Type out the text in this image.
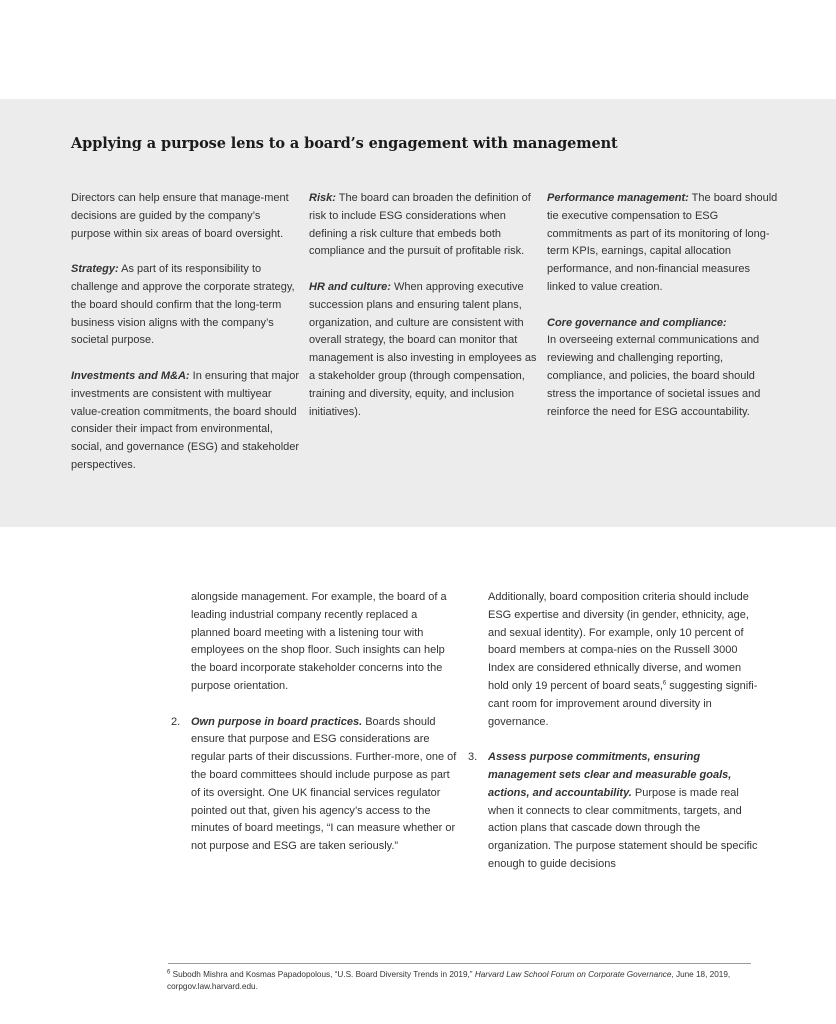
Applying a purpose lens to a board’s engagement with management

Directors can help ensure that manage-ment decisions are guided by the company’s purpose within six areas of board oversight.

Strategy: As part of its responsibility to challenge and approve the corporate strategy, the board should confirm that the long-term business vision aligns with the company’s societal purpose.

Investments and M&A: In ensuring that major investments are consistent with multiyear value-creation commitments, the board should consider their impact from environmental, social, and governance (ESG) and stakeholder perspectives.

Risk: The board can broaden the definition of risk to include ESG considerations when defining a risk culture that embeds both compliance and the pursuit of profitable risk.

HR and culture: When approving executive succession plans and ensuring talent plans, organization, and culture are consistent with overall strategy, the board can monitor that management is also investing in employees as a stakeholder group (through compensation, training and diversity, equity, and inclusion initiatives).

Performance management: The board should tie executive compensation to ESG commitments as part of its monitoring of long-term KPIs, earnings, capital allocation performance, and non-financial measures linked to value creation.

Core governance and compliance:
In overseeing external communications and reviewing and challenging reporting, compliance, and policies, the board should stress the importance of societal issues and reinforce the need for ESG accountability.

alongside management. For example, the board of a leading industrial company recently replaced a planned board meeting with a listening tour with employees on the shop floor. Such insights can help the board incorporate stakeholder concerns into the purpose orientation.

2. Own purpose in board practices. Boards should ensure that purpose and ESG considerations are regular parts of their discussions. Further-more, one of the board committees should include purpose as part of its oversight. One UK financial services regulator pointed out that, given his agency’s access to the minutes of board meetings, “I can measure whether or not purpose and ESG are taken seriously.”

Additionally, board composition criteria should include ESG expertise and diversity (in gender, ethnicity, age, and sexual identity). For example, only 10 percent of board members at compa-nies on the Russell 3000 Index are considered ethnically diverse, and women hold only 19 percent of board seats,$^6$ suggesting signifi-cant room for improvement around diversity in governance.

3. Assess purpose commitments, ensuring management sets clear and measurable goals, actions, and accountability. Purpose is made real when it connects to clear commitments, targets, and action plans that cascade down through the organization. The purpose statement should be specific enough to guide decisions

$^6$ Subodh Mishra and Kosmas Papadopolous, “U.S. Board Diversity Trends in 2019,” Harvard Law School Forum on Corporate Governance, June 18, 2019, corpgov.law.harvard.edu.
